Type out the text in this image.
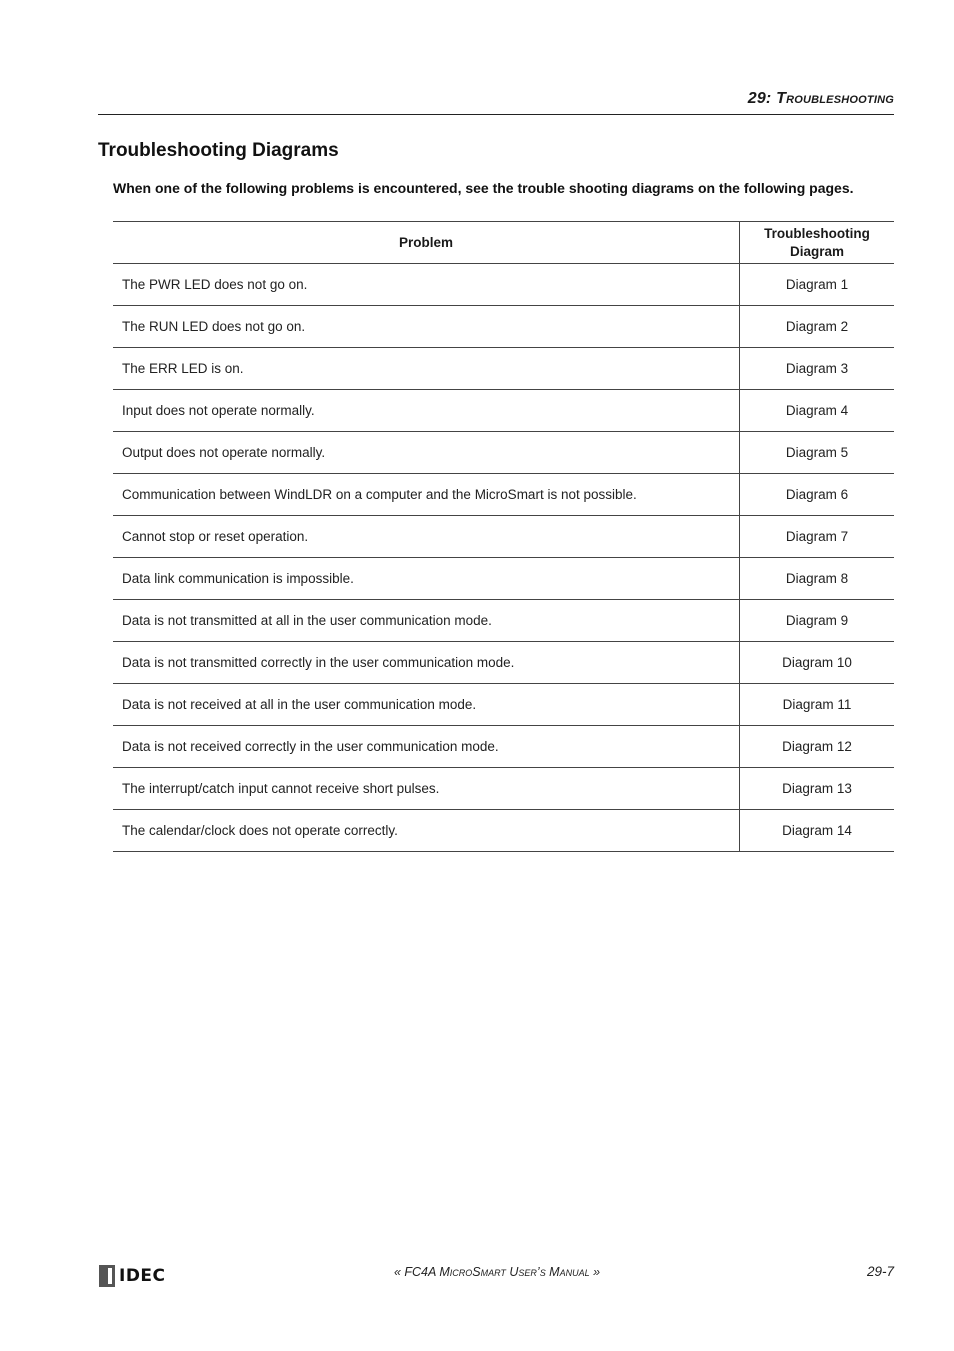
29: Troubleshooting
Troubleshooting Diagrams

When one of the following problems is encountered, see the trouble shooting diagrams on the following pages.

Problem	Troubleshooting
Diagram
The PWR LED does not go on.	Diagram 1
The RUN LED does not go on.	Diagram 2
The ERR LED is on.	Diagram 3
Input does not operate normally.	Diagram 4
Output does not operate normally.	Diagram 5
Communication between WindLDR on a computer and the MicroSmart is not possible.	Diagram 6
Cannot stop or reset operation.	Diagram 7
Data link communication is impossible.	Diagram 8
Data is not transmitted at all in the user communication mode.	Diagram 9
Data is not transmitted correctly in the user communication mode.	Diagram 10
Data is not received at all in the user communication mode.	Diagram 11
Data is not received correctly in the user communication mode.	Diagram 12
The interrupt/catch input cannot receive short pulses.	Diagram 13
The calendar/clock does not operate correctly.	Diagram 14
IDEC	« FC4A MicroSmart User’s Manual »	29-7
